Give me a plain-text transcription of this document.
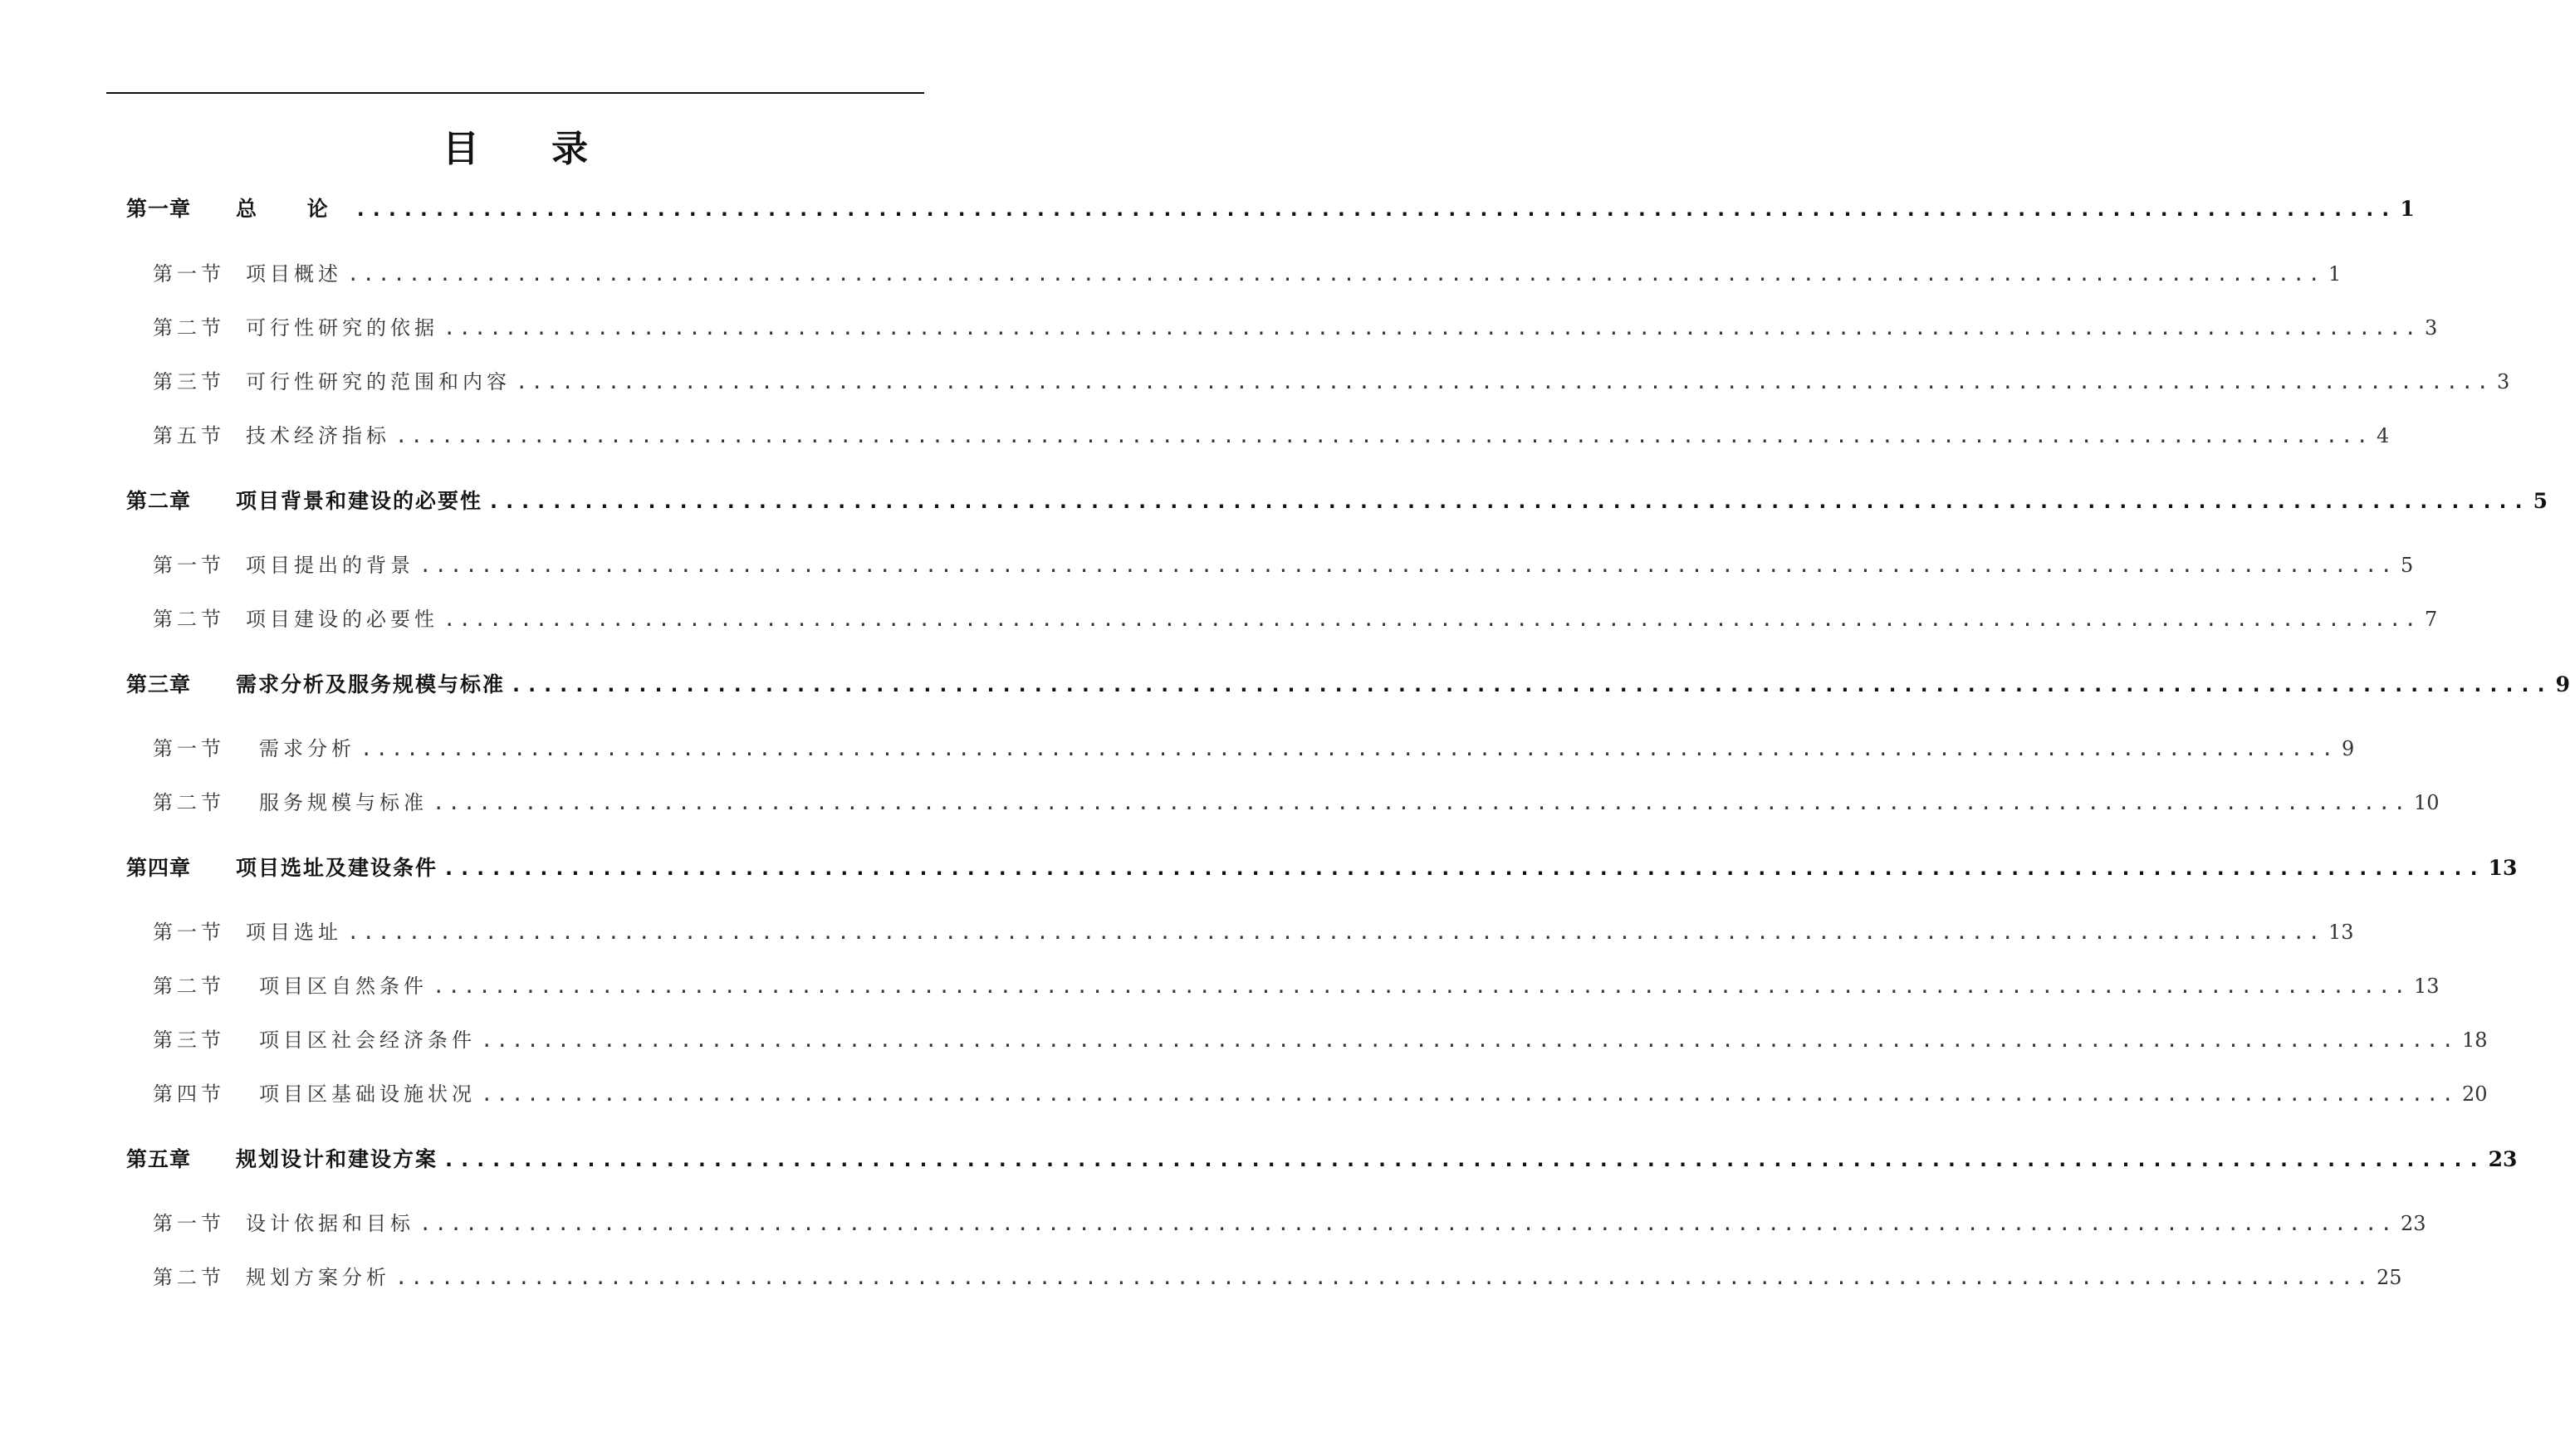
目 录
第一章	总 论 ................................................................................................................................. 1
第一节	项目概述 ................................................................................................................................. 1
第二节	可行性研究的依据 ................................................................................................................................. 3
第三节	可行性研究的范围和内容 ................................................................................................................................. 3
第五节	技术经济指标 ................................................................................................................................. 4
第二章	项目背景和建设的必要性 ................................................................................................................................. 5
第一节	项目提出的背景 ................................................................................................................................. 5
第二节	项目建设的必要性 ................................................................................................................................. 7
第三章	需求分析及服务规模与标准 ................................................................................................................................. 9
第一节	需求分析 ................................................................................................................................. 9
第二节	服务规模与标准 ................................................................................................................................. 10
第四章	项目选址及建设条件 ................................................................................................................................. 13
第一节	项目选址 ................................................................................................................................. 13
第二节	项目区自然条件 ................................................................................................................................. 13
第三节	项目区社会经济条件 ................................................................................................................................. 18
第四节	项目区基础设施状况 ................................................................................................................................. 20
第五章	规划设计和建设方案 ................................................................................................................................. 23
第一节	设计依据和目标 ................................................................................................................................. 23
第二节	规划方案分析 ................................................................................................................................. 25
